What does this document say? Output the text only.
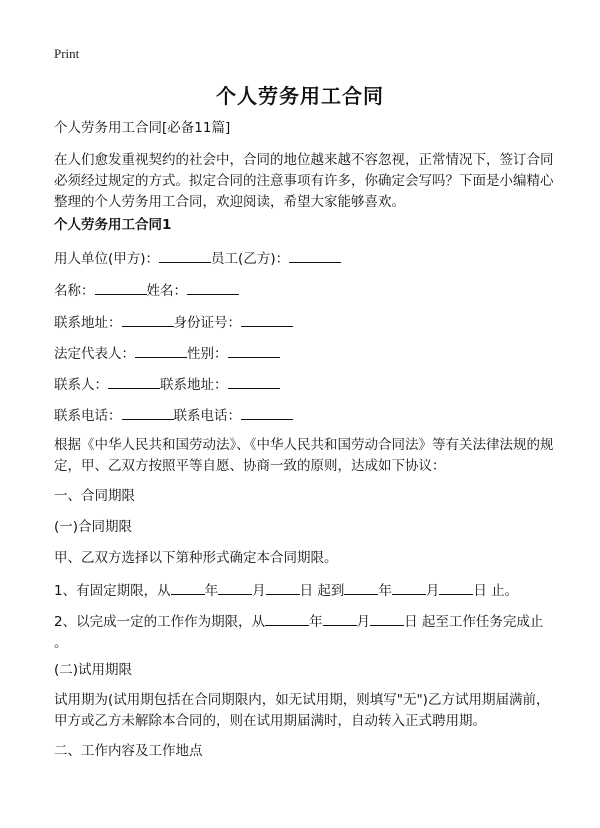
Print
个人劳务用工合同

个人劳务用工合同[必备11篇]

在人们愈发重视契约的社会中，合同的地位越来越不容忽视，正常情况下，签订合同必须经过规定的方式。拟定合同的注意事项有许多，你确定会写吗？下面是小编精心整理的个人劳务用工合同，欢迎阅读，希望大家能够喜欢。

个人劳务用工合同1

用人单位(甲方)：	员工(乙方)：

名称：	姓名：

联系地址：	身份证号：

法定代表人：	性别：

联系人：	联系地址：

联系电话：	联系电话：

根据《中华人民共和国劳动法》、《中华人民共和国劳动合同法》等有关法律法规的规定，甲、乙双方按照平等自愿、协商一致的原则，达成如下协议：

一、合同期限

(一)合同期限

甲、乙双方选择以下第种形式确定本合同期限。

1、有固定期限，从	年	月	日 起到	年	月	日 止。

2、以完成一定的工作作为期限，从	年	月	日 起至工作任务完成止
。

(二)试用期限

试用期为(试用期包括在合同期限内，如无试用期，则填写"无")乙方试用期届满前，甲方或乙方未解除本合同的，则在试用期届满时，自动转入正式聘用期。

二、工作内容及工作地点
